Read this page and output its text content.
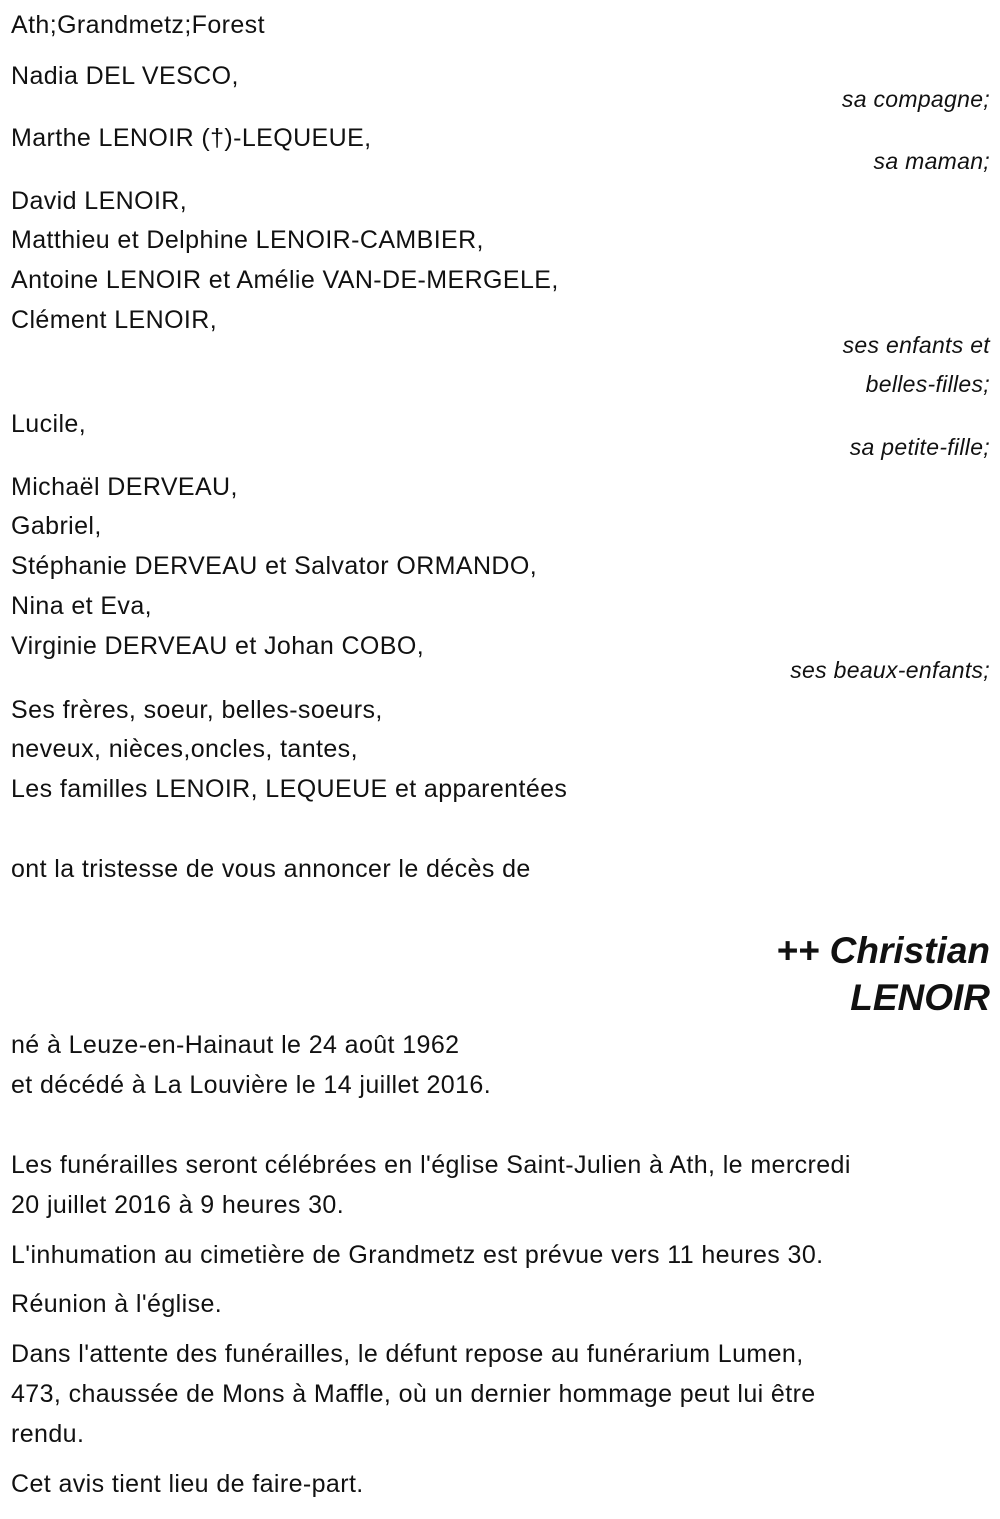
Ath;Grandmetz;Forest
Nadia DEL VESCO,
sa compagne;
Marthe LENOIR (†)-LEQUEUE,
sa maman;
David LENOIR,
Matthieu et Delphine LENOIR-CAMBIER,
Antoine LENOIR et Amélie VAN-DE-MERGELE,
Clément LENOIR,
ses enfants et
belles-filles;
Lucile,
sa petite-fille;
Michaël DERVEAU,
Gabriel,
Stéphanie DERVEAU et Salvator ORMANDO,
Nina et Eva,
Virginie DERVEAU et Johan COBO,
ses beaux-enfants;
Ses frères, soeur, belles-soeurs,
neveux, nièces,oncles, tantes,
Les familles LENOIR, LEQUEUE et apparentées
ont la tristesse de vous annoncer le décès de
++ Christian
LENOIR
né à Leuze-en-Hainaut le 24 août 1962
et décédé à La Louvière le 14 juillet 2016.
Les funérailles seront célébrées en l'église Saint-Julien à Ath, le mercredi
20 juillet 2016 à 9 heures 30.
L'inhumation au cimetière de Grandmetz est prévue vers 11 heures 30.
Réunion à l'église.
Dans l'attente des funérailles, le défunt repose au funérarium Lumen,
473, chaussée de Mons à Maffle, où un dernier hommage peut lui être
rendu.
Cet avis tient lieu de faire-part.
